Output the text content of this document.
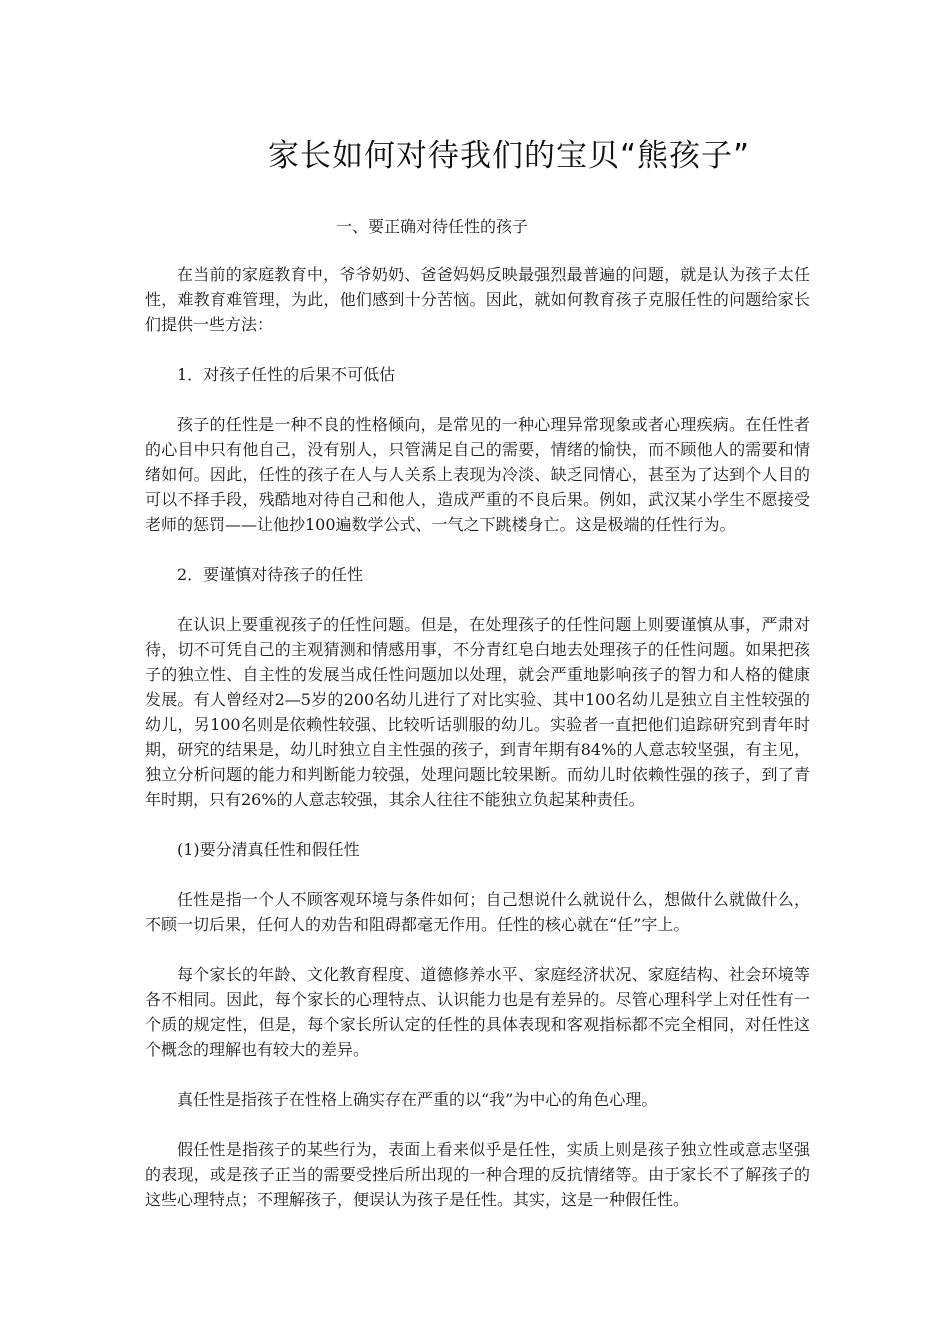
家长如何对待我们的宝贝“熊孩子”
一、要正确对待任性的孩子

在当前的家庭教育中，爷爷奶奶、爸爸妈妈反映最强烈最普遍的问题，就是认为孩子太任性，难教育难管理，为此，他们感到十分苦恼。因此，就如何教育孩子克服任性的问题给家长们提供一些方法：

1．对孩子任性的后果不可低估

孩子的任性是一种不良的性格倾向，是常见的一种心理异常现象或者心理疾病。在任性者的心目中只有他自己，没有别人，只管满足自己的需要，情绪的愉快，而不顾他人的需要和情绪如何。因此，任性的孩子在人与人关系上表现为冷淡、缺乏同情心，甚至为了达到个人目的可以不择手段，残酷地对待自己和他人，造成严重的不良后果。例如，武汉某小学生不愿接受老师的惩罚——让他抄100遍数学公式、一气之下跳楼身亡。这是极端的任性行为。

2．要谨慎对待孩子的任性

在认识上要重视孩子的任性问题。但是，在处理孩子的任性问题上则要谨慎从事，严肃对待，切不可凭自己的主观猜测和情感用事，不分青红皂白地去处理孩子的任性问题。如果把孩子的独立性、自主性的发展当成任性问题加以处理，就会严重地影响孩子的智力和人格的健康发展。有人曾经对2—5岁的200名幼儿进行了对比实验、其中100名幼儿是独立自主性较强的幼儿，另100名则是依赖性较强、比较听话驯服的幼儿。实验者一直把他们追踪研究到青年时期，研究的结果是，幼儿时独立自主性强的孩子，到青年期有84%的人意志较坚强，有主见，独立分析问题的能力和判断能力较强，处理问题比较果断。而幼儿时依赖性强的孩子，到了青年时期，只有26%的人意志较强，其余人往往不能独立负起某种责任。

(1)要分清真任性和假任性

任性是指一个人不顾客观环境与条件如何；自己想说什么就说什么，想做什么就做什么，不顾一切后果，任何人的劝告和阻碍都毫无作用。任性的核心就在“任”字上。

每个家长的年龄、文化教育程度、道德修养水平、家庭经济状况、家庭结构、社会环境等各不相同。因此，每个家长的心理特点、认识能力也是有差异的。尽管心理科学上对任性有一个质的规定性，但是，每个家长所认定的任性的具体表现和客观指标都不完全相同，对任性这个概念的理解也有较大的差异。

真任性是指孩子在性格上确实存在严重的以“我”为中心的角色心理。

假任性是指孩子的某些行为，表面上看来似乎是任性，实质上则是孩子独立性或意志坚强的表现，或是孩子正当的需要受挫后所出现的一种合理的反抗情绪等。由于家长不了解孩子的这些心理特点；不理解孩子，便误认为孩子是任性。其实，这是一种假任性。
